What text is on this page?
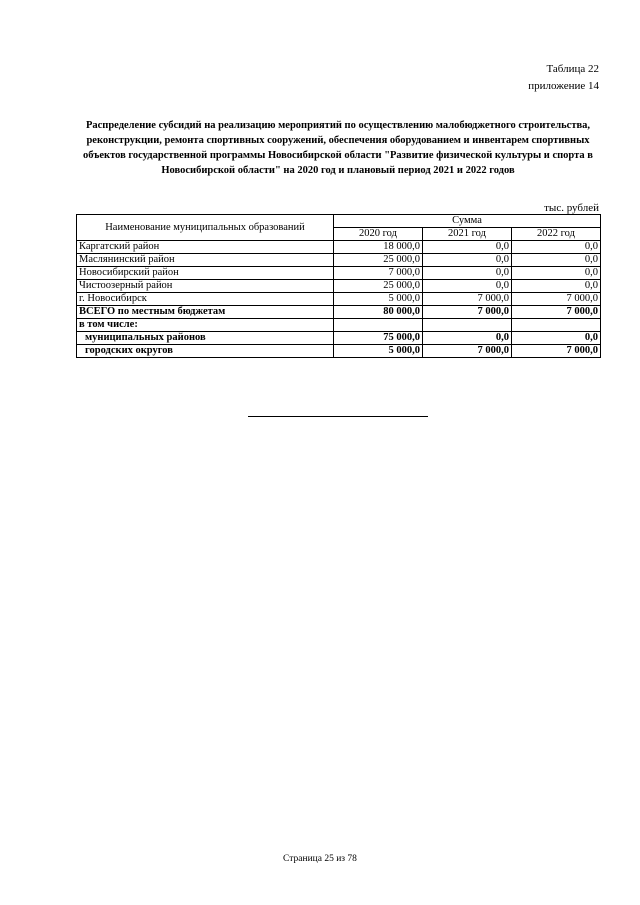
Таблица 22
приложение 14
Распределение субсидий на реализацию мероприятий по осуществлению малобюджетного строительства, реконструкции, ремонта спортивных сооружений, обеспечения оборудованием и инвентарем спортивных объектов государственной программы Новосибирской области "Развитие физической культуры и спорта в Новосибирской области" на 2020 год и плановый период 2021 и 2022 годов
тыс. рублей
Наименование муниципальных образований	Сумма		
	2020 год	2021 год	2022 год
Каргатский район	18 000,0	0,0	0,0
Маслянинский район	25 000,0	0,0	0,0
Новосибирский район	7 000,0	0,0	0,0
Чистоозерный район	25 000,0	0,0	0,0
г. Новосибирск	5 000,0	7 000,0	7 000,0
ВСЕГО по местным бюджетам	80 000,0	7 000,0	7 000,0
в том числе:			
муниципальных районов	75 000,0	0,0	0,0
городских округов	5 000,0	7 000,0	7 000,0
Страница 25 из 78
